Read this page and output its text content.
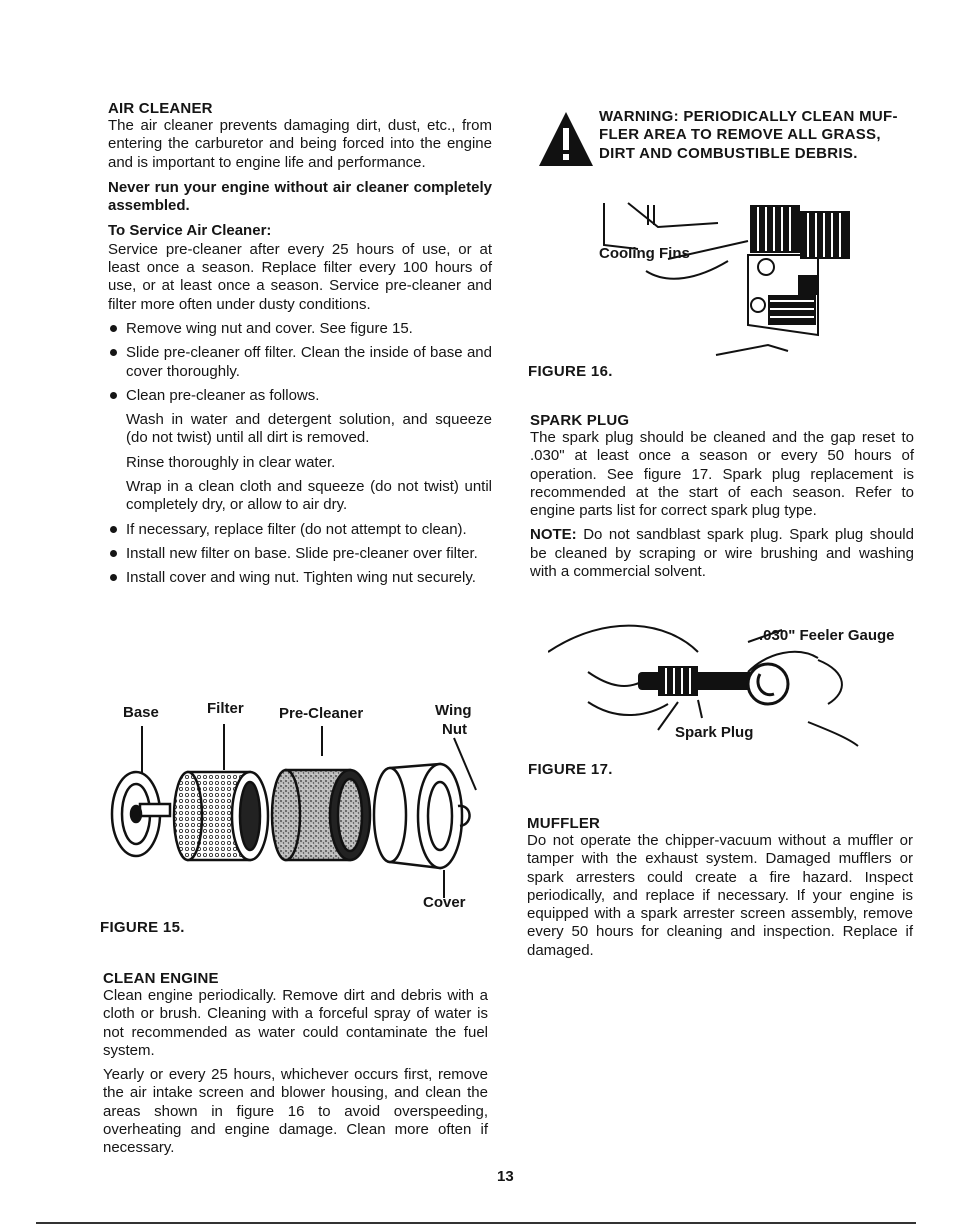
AIR CLEANER

The air cleaner prevents damaging dirt, dust, etc., from entering the carburetor and being forced into the engine and is important to engine life and performance.

Never run your engine without air cleaner completely assembled.

To Service Air Cleaner:

Service pre-cleaner after every 25 hours of use, or at least once a season. Replace filter every 100 hours of use, or at least once a season. Service pre-cleaner and filter more often under dusty conditions.

Remove wing nut and cover. See figure 15.
Slide pre-cleaner off filter. Clean the inside of base and cover thoroughly.
Clean pre-cleaner as follows.
Wash in water and detergent solution, and squeeze (do not twist) until all dirt is removed.
Rinse thoroughly in clear water.
Wrap in a clean cloth and squeeze (do not twist) until completely dry, or allow to air dry.
If necessary, replace filter (do not attempt to clean).
Install new filter on base. Slide pre-cleaner over filter.
Install cover and wing nut. Tighten wing nut securely.
Base	Filter Pre-Cleaner	Wing
Nut
Cover
FIGURE 15.
CLEAN ENGINE

Clean engine periodically. Remove dirt and debris with a cloth or brush. Cleaning with a forceful spray of water is not recommended as water could contaminate the fuel system.

Yearly or every 25 hours, whichever occurs first, remove the air intake screen and blower housing, and clean the areas shown in figure 16 to avoid overspeeding, overheating and engine damage. Clean more often if necessary.

WARNING: PERIODICALLY CLEAN MUF-
FLER AREA TO REMOVE ALL GRASS,
DIRT AND COMBUSTIBLE DEBRIS.
Cooling Fins
FIGURE 16.
SPARK PLUG

The spark plug should be cleaned and the gap reset to .030" at least once a season or every 50 hours of operation. See figure 17. Spark plug replacement is recommended at the start of each season. Refer to engine parts list for correct spark plug type.

NOTE: Do not sandblast spark plug. Spark plug should be cleaned by scraping or wire brushing and washing with a commercial solvent.

.030" Feeler Gauge
Spark Plug
FIGURE 17.
MUFFLER

Do not operate the chipper-vacuum without a muffler or tamper with the exhaust system. Damaged mufflers or spark arresters could create a fire hazard. Inspect periodically, and replace if necessary. If your engine is equipped with a spark arrester screen assembly, remove every 50 hours for cleaning and inspection. Replace if damaged.

13
